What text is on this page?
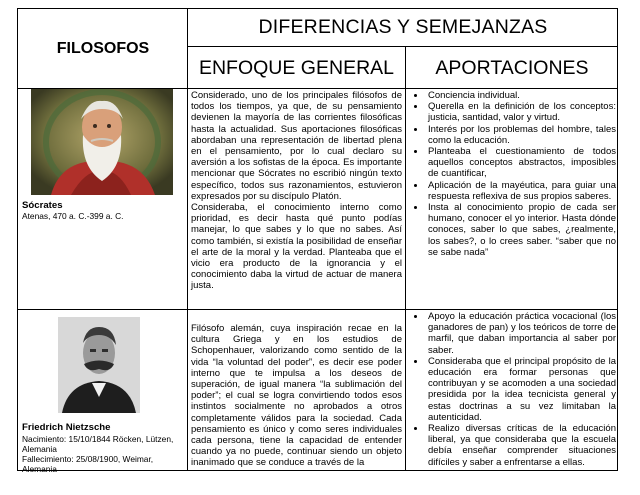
FILOSOFOS
DIFERENCIAS Y SEMEJANZAS
ENFOQUE GENERAL	APORTACIONES
Sócrates
Atenas, 470 a. C.-399 a. C.

Considerado, uno de los principales filósofos de todos los tiempos, ya que, de su pensamiento devienen la mayoría de las corrientes filosóficas hasta la actualidad. Sus aportaciones filosóficas abordaban una representación de libertad plena en el pensamiento, por lo cual declaro su aversión a los sofistas de la época. Es importante mencionar que Sócrates no escribió ningún texto específico, todos sus razonamientos, estuvieron expresados por su discípulo Platón.

Consideraba, el conocimiento interno como prioridad, es decir hasta qué punto podías manejar, lo que sabes y lo que no sabes. Así como también, si existía la posibilidad de enseñar el arte de la moral y la verdad. Planteaba que el vicio era producto de la ignorancia y el conocimiento daba la virtud de actuar de manera justa.

• Conciencia individual.
• Querella en la definición de los conceptos: justicia, santidad, valor y virtud.
• Interés por los problemas del hombre, tales como la educación.
• Planteaba el cuestionamiento de todos aquellos conceptos abstractos, imposibles de cuantificar,
• Aplicación de la mayéutica, para guiar una respuesta reflexiva de sus propios saberes.
• Insta al conocimiento propio de cada ser humano, conocer el yo interior. Hasta dónde conoces, saber lo que sabes, ¿realmente, los sabes?, o lo crees saber. “saber que no se sabe nada”
Friedrich Nietzsche
Nacimiento: 15/10/1844 Röcken, Lützen, Alemania
Fallecimiento: 25/08/1900, Weimar, Alemania

Filósofo alemán, cuya inspiración recae en la cultura Griega y en los estudios de Schopenhauer, valorizando como sentido de la vida “la voluntad del poder”, es decir ese poder interno que te impulsa a los deseos de superación, de igual manera “la sublimación del poder”; el cual se logra convirtiendo todos esos instintos socialmente no aprobados a otros completamente válidos para la sociedad. Cada pensamiento es único y como seres individuales cada persona, tiene la capacidad de entender cuando ya no puede, continuar siendo un objeto inanimado que se conduce a través de la

• Apoyo la educación práctica vocacional (los ganadores de pan) y los teóricos de torre de marfil, que daban importancia al saber por saber.
• Consideraba que el principal propósito de la educación era formar personas que contribuyan y se acomoden a una sociedad presidida por la idea tecnicista general y estas doctrinas a su vez limitaban la autenticidad.
• Realizo diversas críticas de la educación liberal, ya que consideraba que la escuela debía enseñar comprender situaciones difíciles y saber a enfrentarse a ellas.
